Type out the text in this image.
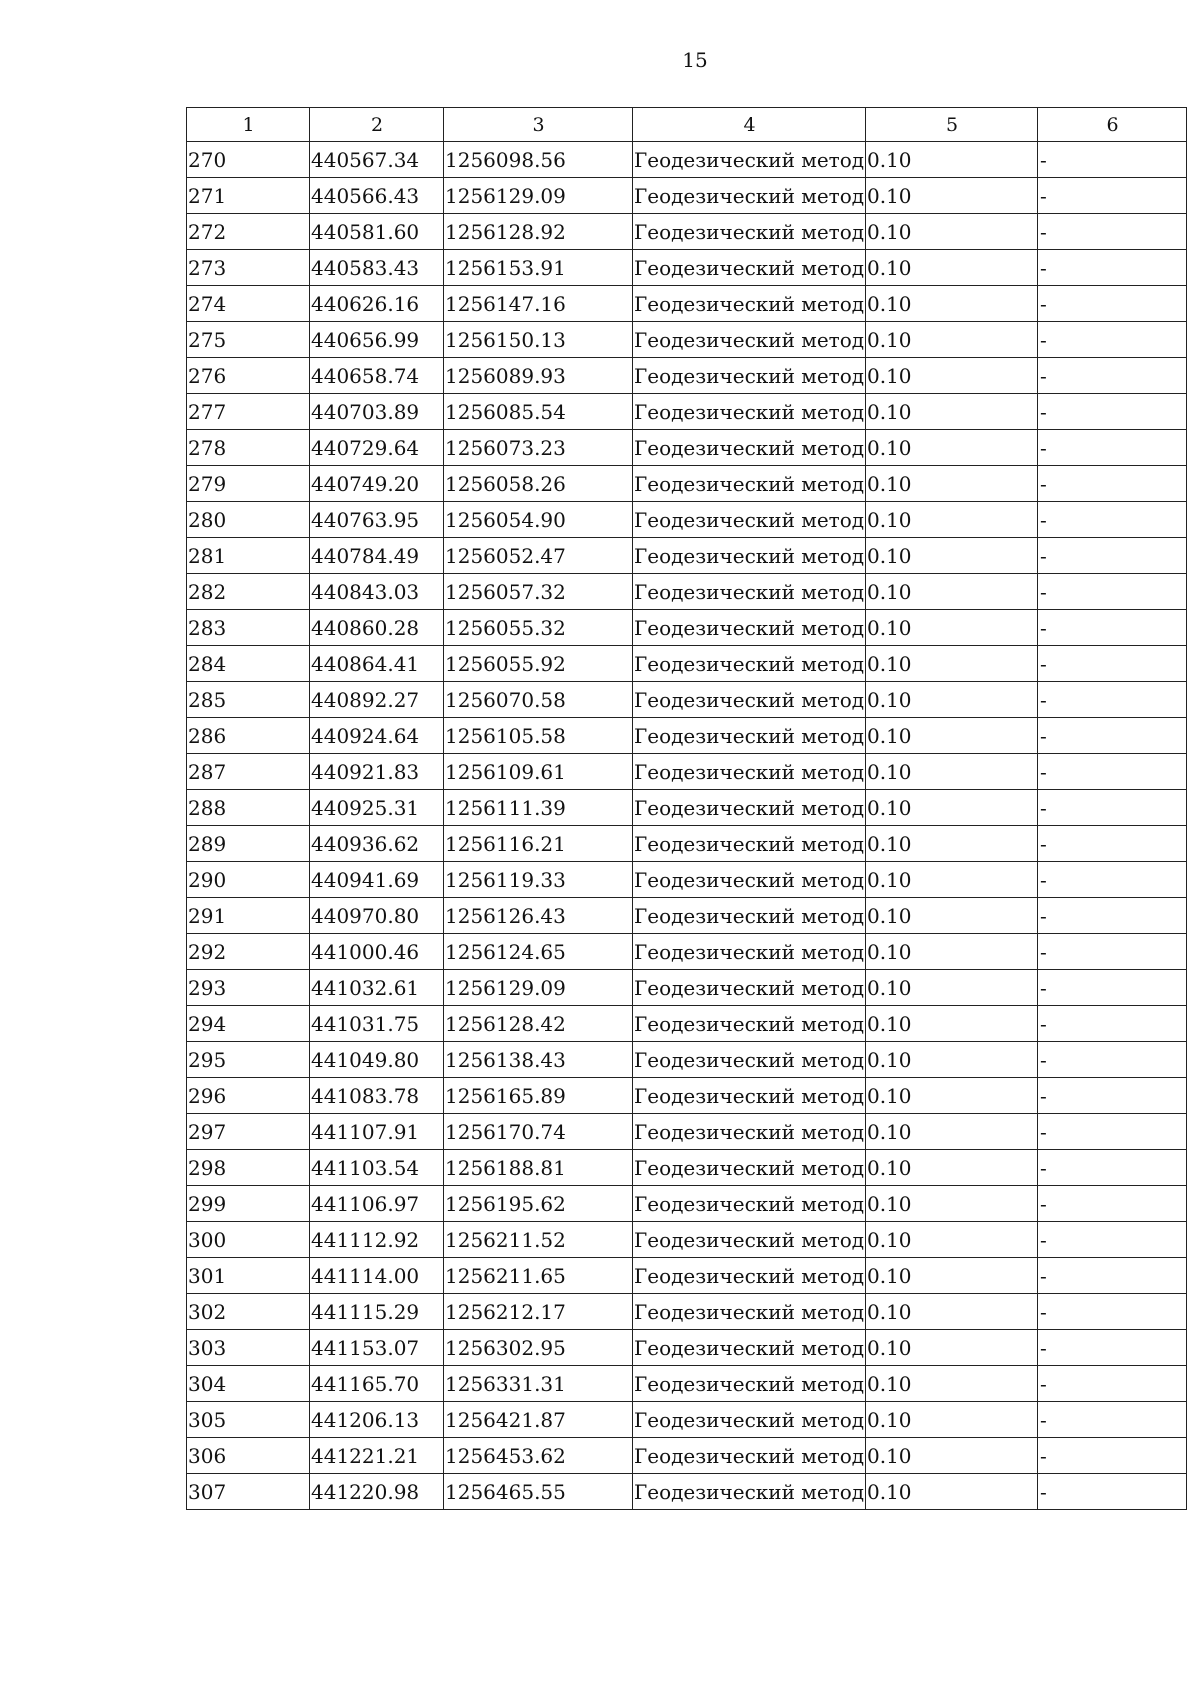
15
1	2	3	4	5	6
270	440567.34	1256098.56	Геодезический метод	0.10	-
271	440566.43	1256129.09	Геодезический метод	0.10	-
272	440581.60	1256128.92	Геодезический метод	0.10	-
273	440583.43	1256153.91	Геодезический метод	0.10	-
274	440626.16	1256147.16	Геодезический метод	0.10	-
275	440656.99	1256150.13	Геодезический метод	0.10	-
276	440658.74	1256089.93	Геодезический метод	0.10	-
277	440703.89	1256085.54	Геодезический метод	0.10	-
278	440729.64	1256073.23	Геодезический метод	0.10	-
279	440749.20	1256058.26	Геодезический метод	0.10	-
280	440763.95	1256054.90	Геодезический метод	0.10	-
281	440784.49	1256052.47	Геодезический метод	0.10	-
282	440843.03	1256057.32	Геодезический метод	0.10	-
283	440860.28	1256055.32	Геодезический метод	0.10	-
284	440864.41	1256055.92	Геодезический метод	0.10	-
285	440892.27	1256070.58	Геодезический метод	0.10	-
286	440924.64	1256105.58	Геодезический метод	0.10	-
287	440921.83	1256109.61	Геодезический метод	0.10	-
288	440925.31	1256111.39	Геодезический метод	0.10	-
289	440936.62	1256116.21	Геодезический метод	0.10	-
290	440941.69	1256119.33	Геодезический метод	0.10	-
291	440970.80	1256126.43	Геодезический метод	0.10	-
292	441000.46	1256124.65	Геодезический метод	0.10	-
293	441032.61	1256129.09	Геодезический метод	0.10	-
294	441031.75	1256128.42	Геодезический метод	0.10	-
295	441049.80	1256138.43	Геодезический метод	0.10	-
296	441083.78	1256165.89	Геодезический метод	0.10	-
297	441107.91	1256170.74	Геодезический метод	0.10	-
298	441103.54	1256188.81	Геодезический метод	0.10	-
299	441106.97	1256195.62	Геодезический метод	0.10	-
300	441112.92	1256211.52	Геодезический метод	0.10	-
301	441114.00	1256211.65	Геодезический метод	0.10	-
302	441115.29	1256212.17	Геодезический метод	0.10	-
303	441153.07	1256302.95	Геодезический метод	0.10	-
304	441165.70	1256331.31	Геодезический метод	0.10	-
305	441206.13	1256421.87	Геодезический метод	0.10	-
306	441221.21	1256453.62	Геодезический метод	0.10	-
307	441220.98	1256465.55	Геодезический метод	0.10	-
